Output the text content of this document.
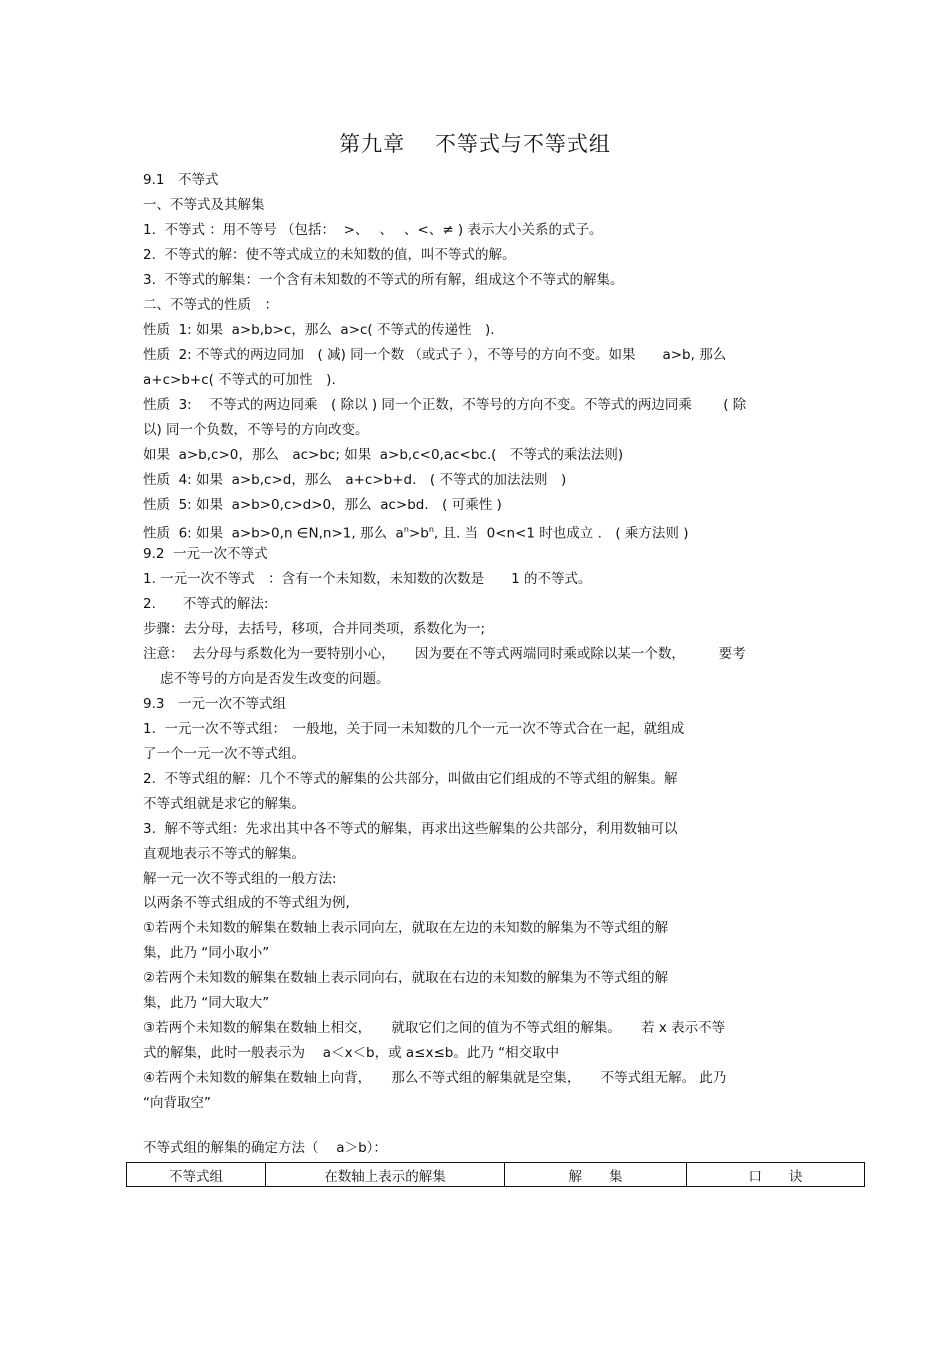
第九章　 不等式与不等式组
9.1　不等式
一、不等式及其解集
1.  不等式 ：用不等号 （包括：  >、　 、　 、<、≠ ) 表示大小关系的式子。
2.  不等式的解：使不等式成立的未知数的值，叫不等式的解。
3.  不等式的解集：一个含有未知数的不等式的所有解，组成这个不等式的解集。
二、不等式的性质　：
性质  1: 如果  a>b,b>c，那么  a>c( 不等式的传递性　).
性质  2: 不等式的两边同加　( 减) 同一个数 （或式子 ），不等号的方向不变。如果　　a>b, 那么
a+c>b+c( 不等式的可加性　).
性质  3:　 不等式的两边同乘　( 除以 ) 同一个正数，不等号的方向不变。不等式的两边同乘　　 ( 除
以) 同一个负数，不等号的方向改变。
如果  a>b,c>0，那么　ac>bc; 如果  a>b,c<0,ac<bc.(　不等式的乘法法则)
性质  4: 如果  a>b,c>d，那么　a+c>b+d.　( 不等式的加法法则　)
性质  5: 如果  a>b>0,c>d>0，那么  ac>bd.　( 可乘性 )
性质  6: 如果  a>b>0,n ∈N,n>1, 那么  $a^n>b^n$, 且. 当  0<n<1 时也成立 .　( 乘方法则 )
9.2  一元一次不等式
1. 一元一次不等式　：含有一个未知数，未知数的次数是　　1 的不等式。
2.　　不等式的解法:
步骤：去分母，去括号，移项，合并同类项，系数化为一;
注意：  去分母与系数化为一要特别小心，　　因为要在不等式两端同时乘或除以某一个数，　　　要考
虑不等号的方向是否发生改变的问题。
9.3　一元一次不等式组
1.  一元一次不等式组：　一般地，关于同一未知数的几个一元一次不等式合在一起，就组成
了一个一元一次不等式组。
2.  不等式组的解：几个不等式的解集的公共部分，叫做由它们组成的不等式组的解集。解
不等式组就是求它的解集。
3.  解不等式组：先求出其中各不等式的解集，再求出这些解集的公共部分，利用数轴可以
直观地表示不等式的解集。
解一元一次不等式组的一般方法:
以两条不等式组成的不等式组为例,
①若两个未知数的解集在数轴上表示同向左，就取在左边的未知数的解集为不等式组的解
集，此乃 “同小取小”
②若两个未知数的解集在数轴上表示同向右，就取在右边的未知数的解集为不等式组的解
集，此乃 “同大取大”
③若两个未知数的解集在数轴上相交，　　就取它们之间的值为不等式组的解集。　　若 x 表示不等
式的解集，此时一般表示为　 a＜x＜b，或 a≤x≤b。此乃 “相交取中
④若两个未知数的解集在数轴上向背，　　那么不等式组的解集就是空集，　　不等式组无解。 此乃
“向背取空”
不等式组的解集的确定方法（　 a＞b）：
不等式组	在数轴上表示的解集	解　　集	口　　诀
